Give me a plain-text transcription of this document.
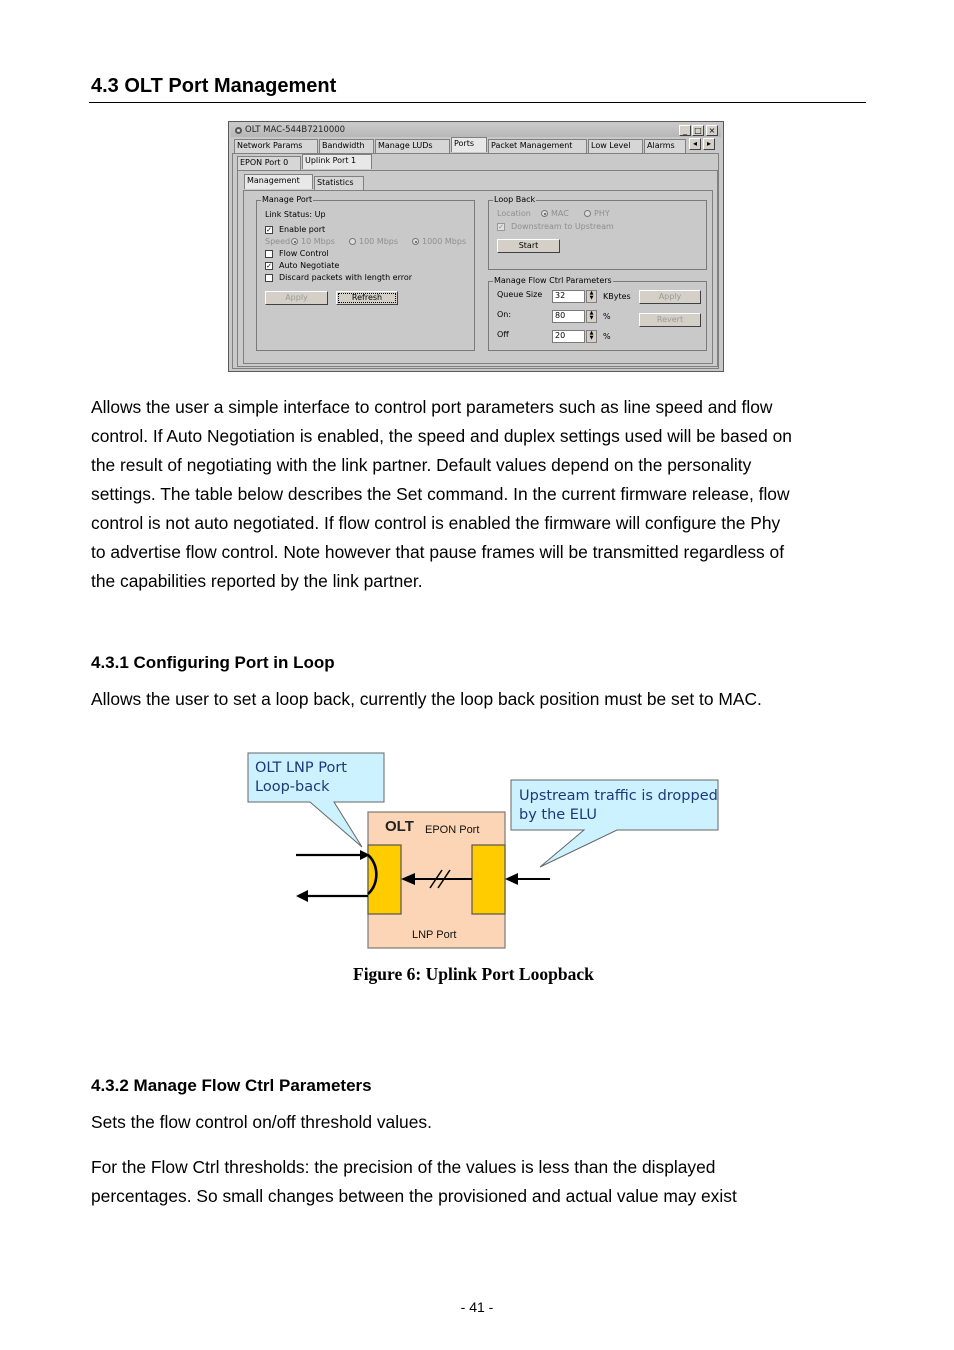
4.3 OLT Port Management
OLT MAC-544B7210000	_ □ ×
Network Params	Bandwidth	Manage LUDs	Ports	Packet Management	Low Level	Alarms	◂	▸
EPON Port 0	Uplink Port 1
Management	Statistics
Manage Port
Link Status: Up
✓ Enable port
Speed 10 Mbps	100 Mbps	1000 Mbps
Flow Control
✓ Auto Negotiate
Discard packets with length error
Apply	Refresh
Loop Back
Location	MAC	PHY
✓ Downstream to Upstream
Start
Manage Flow Ctrl Parameters
Queue Size	32	▲
▼	KBytes	Apply
On:	80	▲
▼	%	Revert
Off	20	▲
▼	%
Allows the user a simple interface to control port parameters such as line speed and flow
control. If Auto Negotiation is enabled, the speed and duplex settings used will be based on
the result of negotiating with the link partner. Default values depend on the personality
settings. The table below describes the Set command. In the current firmware release, flow
control is not auto negotiated. If flow control is enabled the firmware will configure the Phy
to advertise flow control. Note however that pause frames will be transmitted regardless of
the capabilities reported by the link partner.
4.3.1 Configuring Port in Loop
Allows the user to set a loop back, currently the loop back position must be set to MAC.
OLT EPON Port
LNP Port
OLT LNP Port
Loop-back
Upstream traffic is dropped
by the ELU
Figure 6: Uplink Port Loopback
4.3.2 Manage Flow Ctrl Parameters
Sets the flow control on/off threshold values.
For the Flow Ctrl thresholds: the precision of the values is less than the displayed
percentages. So small changes between the provisioned and actual value may exist
- 41 -
